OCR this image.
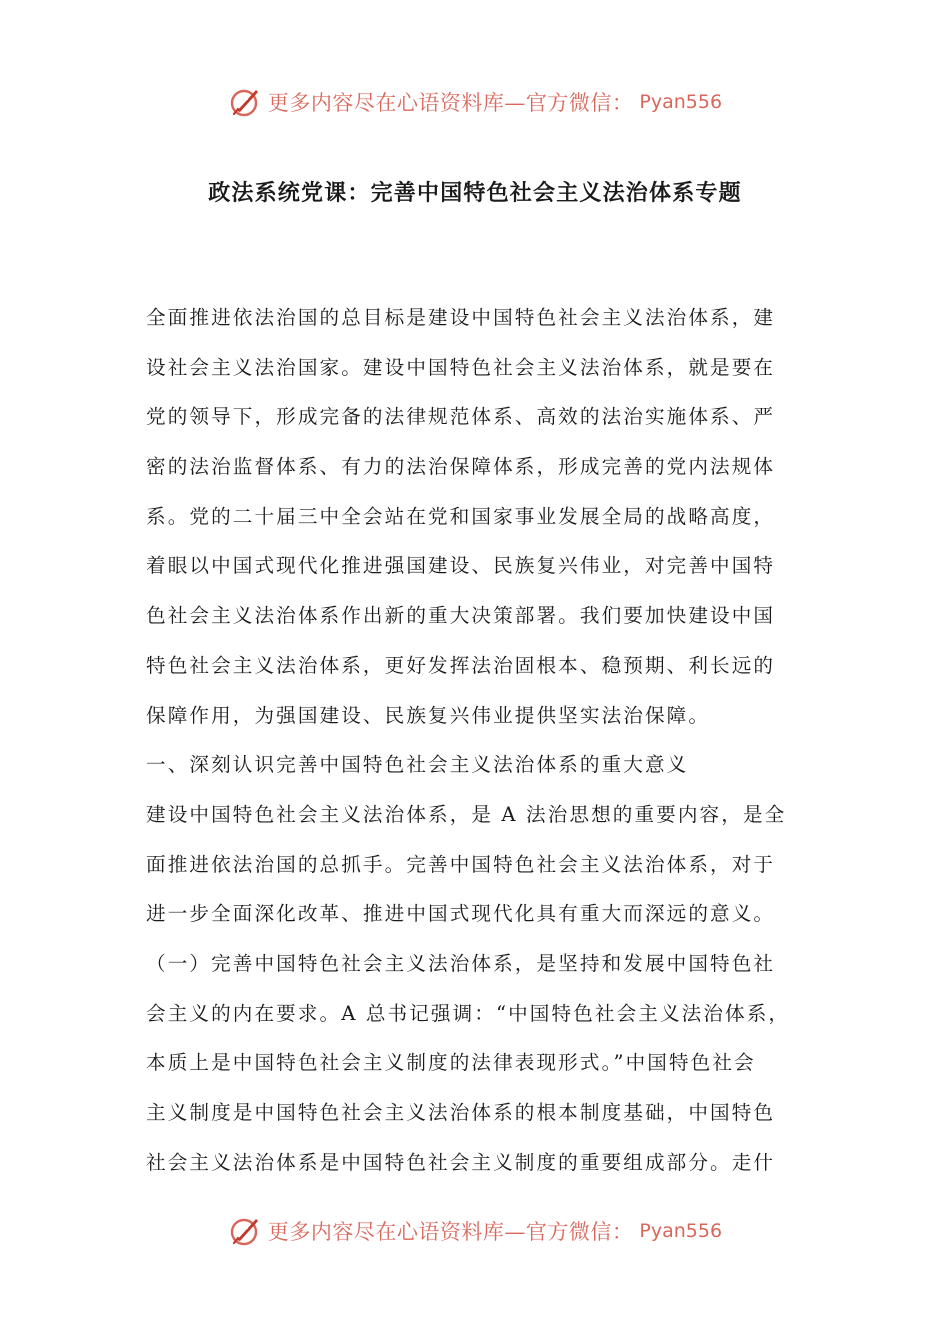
更多内容尽在心语资料库—官方微信： Pyan556
政法系统党课：完善中国特色社会主义法治体系专题
全面推进依法治国的总目标是建设中国特色社会主义法治体系，建
设社会主义法治国家。建设中国特色社会主义法治体系，就是要在
党的领导下，形成完备的法律规范体系、高效的法治实施体系、严
密的法治监督体系、有力的法治保障体系，形成完善的党内法规体
系。党的二十届三中全会站在党和国家事业发展全局的战略高度，
着眼以中国式现代化推进强国建设、民族复兴伟业，对完善中国特
色社会主义法治体系作出新的重大决策部署。我们要加快建设中国
特色社会主义法治体系，更好发挥法治固根本、稳预期、利长远的
保障作用，为强国建设、民族复兴伟业提供坚实法治保障。
一、深刻认识完善中国特色社会主义法治体系的重大意义
建设中国特色社会主义法治体系，是 A 法治思想的重要内容，是全
面推进依法治国的总抓手。完善中国特色社会主义法治体系，对于
进一步全面深化改革、推进中国式现代化具有重大而深远的意义。
（一）完善中国特色社会主义法治体系，是坚持和发展中国特色社
会主义的内在要求。A 总书记强调：“中国特色社会主义法治体系，
本质上是中国特色社会主义制度的法律表现形式。”中国特色社会
主义制度是中国特色社会主义法治体系的根本制度基础，中国特色
社会主义法治体系是中国特色社会主义制度的重要组成部分。走什
更多内容尽在心语资料库—官方微信： Pyan556
